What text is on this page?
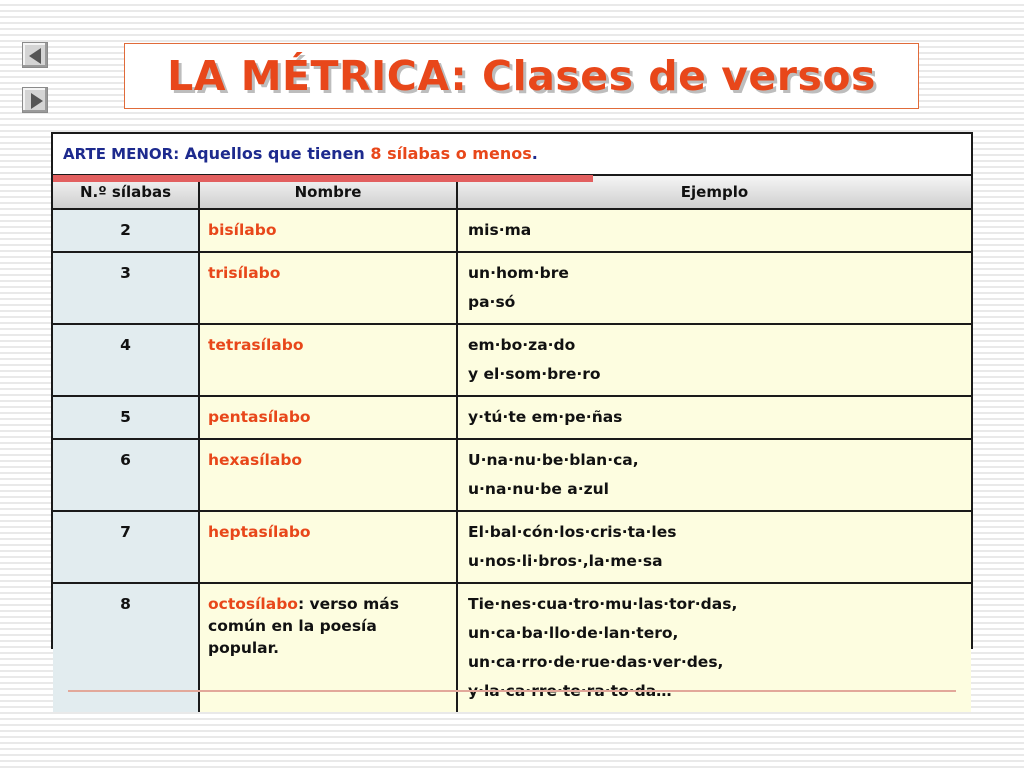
LA MÉTRICA: Clases de versos
ARTE MENOR: Aquellos que tienen 8 sílabas o menos.
N.º sílabas	Nombre	Ejemplo
2	bisílabo	mis·ma

3	trisílabo	un·hom·bre
pa·só

4	tetrasílabo	em·bo·za·do
y el·som·bre·ro

5	pentasílabo	y·tú·te em·pe·ñas

6	hexasílabo	U·na·nu·be·blan·ca,
u·na·nu·be a·zul

7	heptasílabo	El·bal·cón·los·cris·ta·les
u·nos·li·bros·,la·me·sa

8	octosílabo: verso más común en la poesía popular.	Tie·nes·cua·tro·mu·las·tor·das,
un·ca·ba·llo·de·lan·tero,
un·ca·rro·de·rue·das·ver·des,
y·la·ca·rre·te·ra·to·da…
